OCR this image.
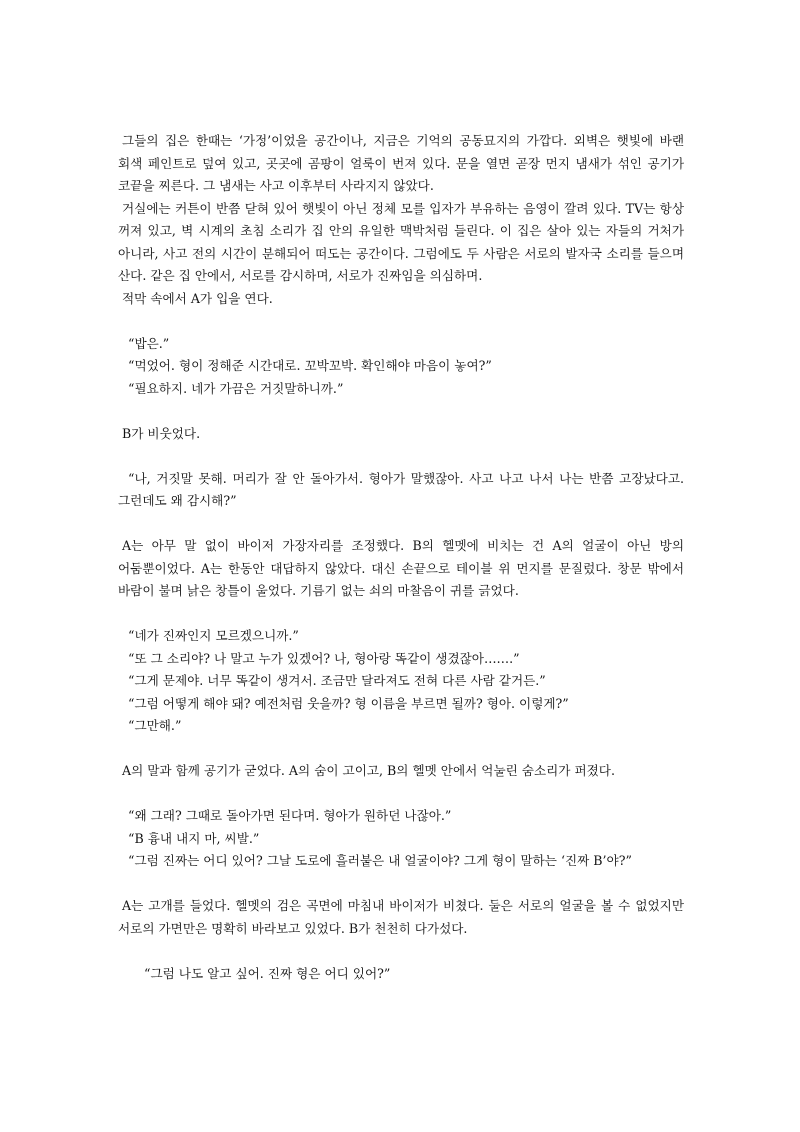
그들의 집은 한때는 ‘가정’이었을 공간이나, 지금은 기억의 공동묘지의 가깝다. 외벽은 햇빛에 바랜 회색 페인트로 덮여 있고, 곳곳에 곰팡이 얼룩이 번져 있다. 문을 열면 곧장 먼지 냄새가 섞인 공기가 코끝을 찌른다. 그 냄새는 사고 이후부터 사라지지 않았다.

거실에는 커튼이 반쯤 닫혀 있어 햇빛이 아닌 정체 모를 입자가 부유하는 음영이 깔려 있다. TV는 항상 꺼져 있고, 벽 시계의 초침 소리가 집 안의 유일한 맥박처럼 들린다. 이 집은 살아 있는 자들의 거처가 아니라, 사고 전의 시간이 분해되어 떠도는 공간이다. 그럼에도 두 사람은 서로의 발자국 소리를 들으며 산다. 같은 집 안에서, 서로를 감시하며, 서로가 진짜임을 의심하며.

적막 속에서 A가 입을 연다.

“밥은.”

“먹었어. 형이 정해준 시간대로. 꼬박꼬박. 확인해야 마음이 놓여?”

“필요하지. 네가 가끔은 거짓말하니까.”

B가 비웃었다.

“나, 거짓말 못해. 머리가 잘 안 돌아가서. 형아가 말했잖아. 사고 나고 나서 나는 반쯤 고장났다고. 그런데도 왜 감시해?”

A는 아무 말 없이 바이저 가장자리를 조정했다. B의 헬멧에 비치는 건 A의 얼굴이 아닌 방의 어둠뿐이었다. A는 한동안 대답하지 않았다. 대신 손끝으로 테이블 위 먼지를 문질렀다. 창문 밖에서 바람이 불며 낡은 창틀이 울었다. 기름기 없는 쇠의 마찰음이 귀를 긁었다.

“네가 진짜인지 모르겠으니까.”

“또 그 소리야? 나 말고 누가 있겠어? 나, 형아랑 똑같이 생겼잖아…….”

“그게 문제야. 너무 똑같이 생겨서. 조금만 달라져도 전혀 다른 사람 같거든.”

“그럼 어떻게 해야 돼? 예전처럼 웃을까? 형 이름을 부르면 될까? 형아. 이렇게?”

“그만해.”

A의 말과 함께 공기가 굳었다. A의 숨이 고이고, B의 헬멧 안에서 억눌린 숨소리가 퍼졌다.

“왜 그래? 그때로 돌아가면 된다며. 형아가 원하던 나잖아.”

“B 흉내 내지 마, 씨발.”

“그럼 진짜는 어디 있어? 그날 도로에 흘러붙은 내 얼굴이야? 그게 형이 말하는 ‘진짜 B’야?”

A는 고개를 들었다. 헬멧의 검은 곡면에 마침내 바이저가 비쳤다. 둘은 서로의 얼굴을 볼 수 없었지만 서로의 가면만은 명확히 바라보고 있었다. B가 천천히 다가섰다.

“그럼 나도 알고 싶어. 진짜 형은 어디 있어?”
